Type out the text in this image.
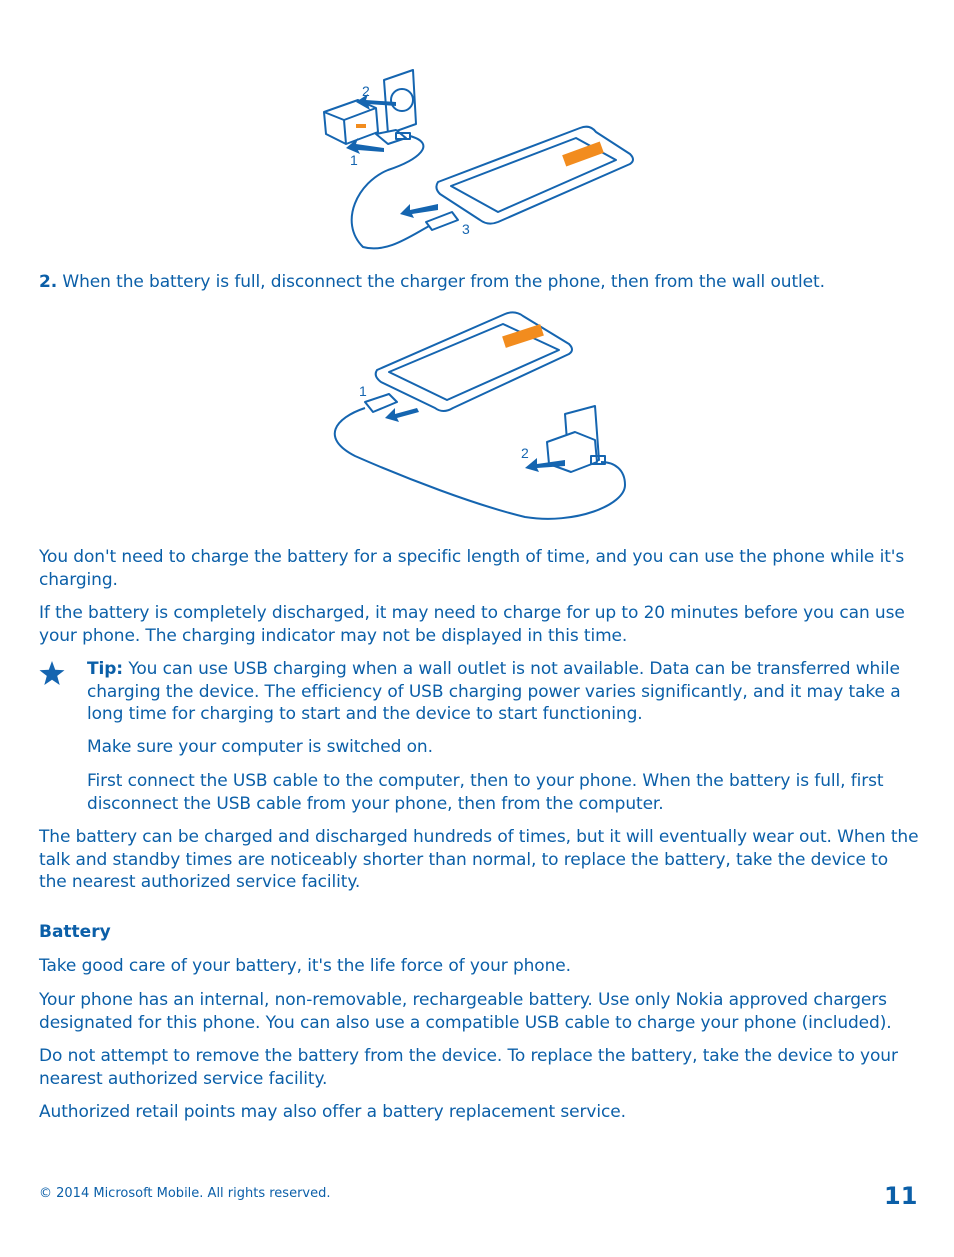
2
1
3

2. When the battery is full, disconnect the charger from the phone, then from the wall outlet.

1
2

You don't need to charge the battery for a specific length of time, and you can use the phone while it's charging.

If the battery is completely discharged, it may need to charge for up to 20 minutes before you can use your phone. The charging indicator may not be displayed in this time.

Tip: You can use USB charging when a wall outlet is not available. Data can be transferred while charging the device. The efficiency of USB charging power varies significantly, and it may take a long time for charging to start and the device to start functioning.

Make sure your computer is switched on.

First connect the USB cable to the computer, then to your phone. When the battery is full, first disconnect the USB cable from your phone, then from the computer.

The battery can be charged and discharged hundreds of times, but it will eventually wear out. When the talk and standby times are noticeably shorter than normal, to replace the battery, take the device to the nearest authorized service facility.

Battery

Take good care of your battery, it's the life force of your phone.

Your phone has an internal, non-removable, rechargeable battery. Use only Nokia approved chargers designated for this phone. You can also use a compatible USB cable to charge your phone (included).

Do not attempt to remove the battery from the device. To replace the battery, take the device to your nearest authorized service facility.

Authorized retail points may also offer a battery replacement service.

© 2014 Microsoft Mobile. All rights reserved.	11
